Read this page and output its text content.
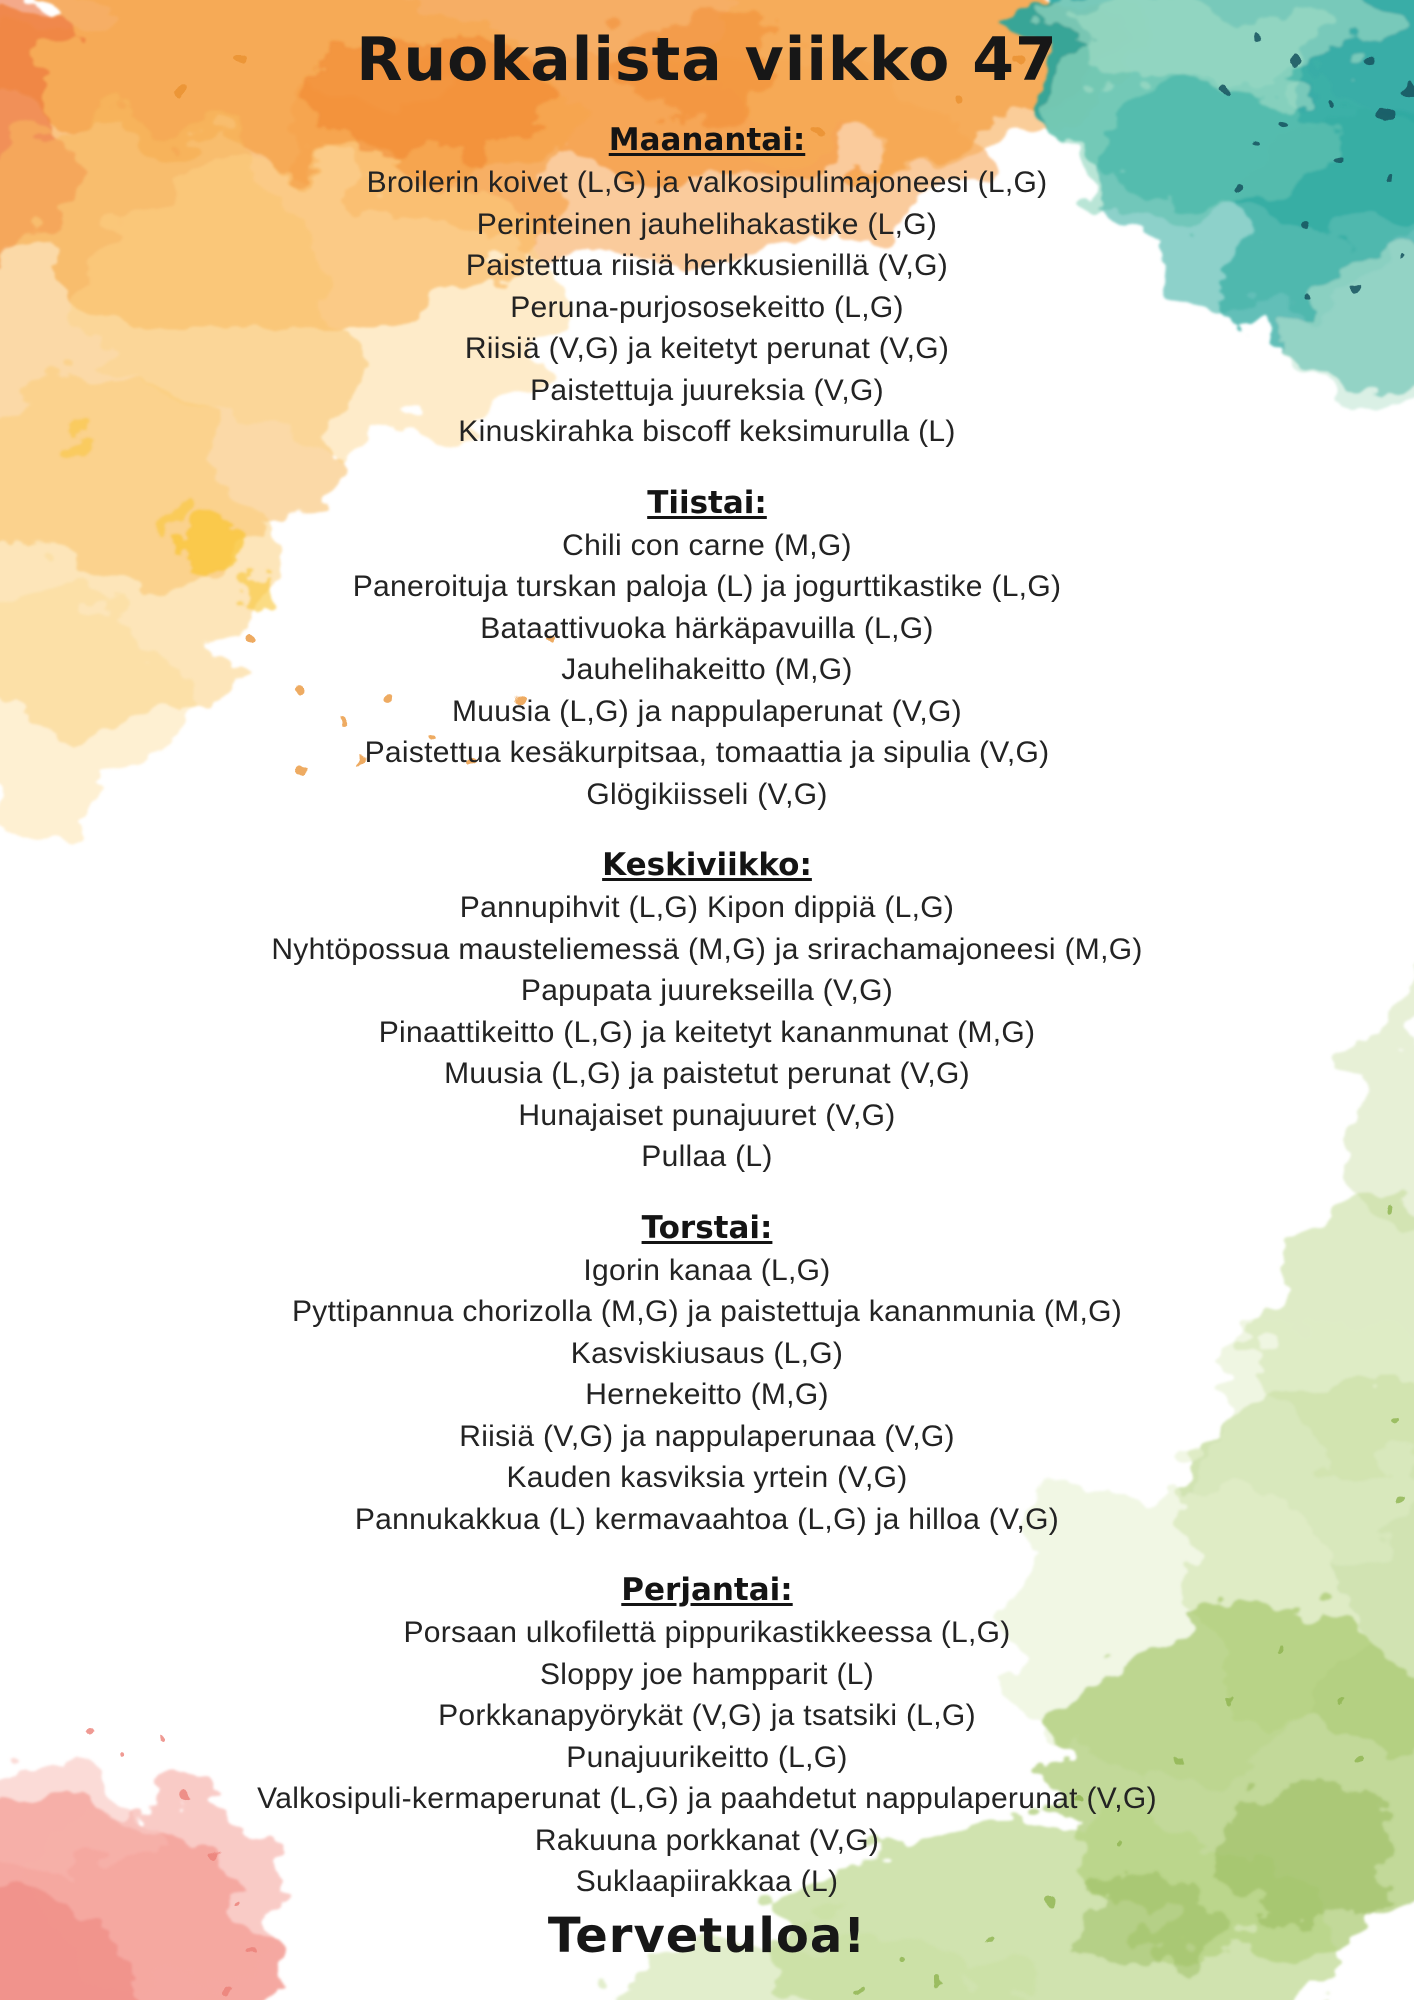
Ruokalista viikko 47
Maanantai:

Broilerin koivet (L,G) ja valkosipulimajoneesi (L,G)

Perinteinen jauhelihakastike (L,G)

Paistettua riisiä herkkusienillä (V,G)

Peruna-purjososekeitto (L,G)

Riisiä (V,G) ja keitetyt perunat (V,G)

Paistettuja juureksia (V,G)

Kinuskirahka biscoff keksimurulla (L)

Tiistai:

Chili con carne (M,G)

Paneroituja turskan paloja (L) ja jogurttikastike (L,G)

Bataattivuoka härkäpavuilla (L,G)

Jauhelihakeitto (M,G)

Muusia (L,G) ja nappulaperunat (V,G)

Paistettua kesäkurpitsaa, tomaattia ja sipulia (V,G)

Glögikiisseli (V,G)

Keskiviikko:

Pannupihvit (L,G) Kipon dippiä (L,G)

Nyhtöpossua mausteliemessä (M,G) ja srirachamajoneesi (M,G)

Papupata juurekseilla (V,G)

Pinaattikeitto (L,G) ja keitetyt kananmunat (M,G)

Muusia (L,G) ja paistetut perunat (V,G)

Hunajaiset punajuuret (V,G)

Pullaa (L)

Torstai:

Igorin kanaa (L,G)

Pyttipannua chorizolla (M,G) ja paistettuja kananmunia (M,G)

Kasviskiusaus (L,G)

Hernekeitto (M,G)

Riisiä (V,G) ja nappulaperunaa (V,G)

Kauden kasviksia yrtein (V,G)

Pannukakkua (L) kermavaahtoa (L,G) ja hilloa (V,G)

Perjantai:

Porsaan ulkofilettä pippurikastikkeessa (L,G)

Sloppy joe hampparit (L)

Porkkanapyörykät (V,G) ja tsatsiki (L,G)

Punajuurikeitto (L,G)

Valkosipuli-kermaperunat (L,G) ja paahdetut nappulaperunat (V,G)

Rakuuna porkkanat (V,G)

Suklaapiirakkaa (L)

Tervetuloa!
